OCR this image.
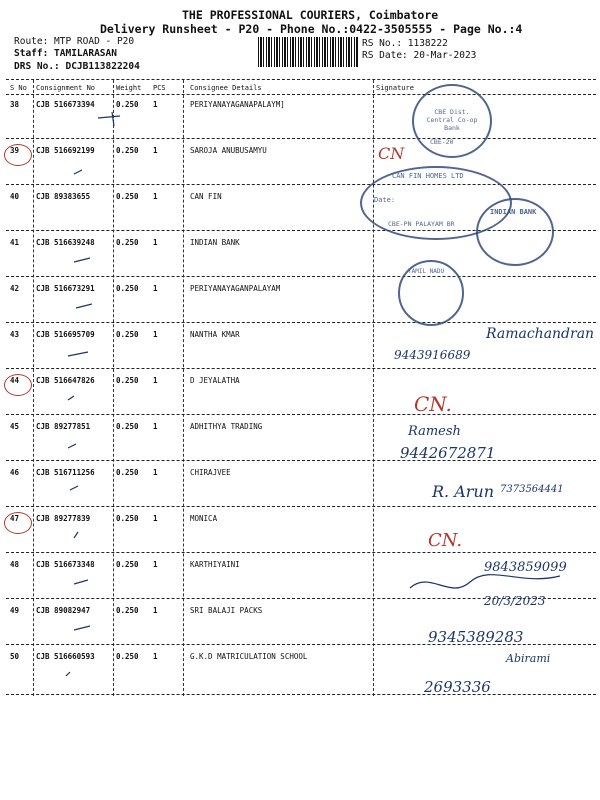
THE PROFESSIONAL COURIERS, Coimbatore
Delivery Runsheet - P20 - Phone No.:0422-3505555 - Page No.:4
Route: MTP ROAD - P20
Staff: TAMILARASAN
DRS No.: DCJB113822204
RS No.: 1138222
RS Date: 20-Mar-2023
S No Consignment No	Weight PCS	Consignee Details	Signature
38 CJB 516673394	0.250 1	PERIYANAYAGANAPALAYM]
39 CJB 516692199	0.250 1	SAROJA ANUBUSAMYU
40 CJB 89383655	0.250 1	CAN FIN
41 CJB 516639248	0.250 1	INDIAN BANK
42 CJB 516673291	0.250 1	PERIYANAYAGANPALAYAM
43 CJB 516695709	0.250 1	NANTHA KMAR
44 CJB 516647826	0.250 1	D JEYALATHA
45 CJB 89277851	0.250 1	ADHITHYA TRADING
46 CJB 516711256	0.250 1	CHIRAJVEE
47 CJB 89277839	0.250 1	MONICA
48 CJB 516673348	0.250 1	KARTHIYAINI
49 CJB 89082947	0.250 1	SRI BALAJI PACKS
50 CJB 516660593	0.250 1	G.K.D MATRICULATION SCHOOL
CBE Dist. Central Co-op Bank
CBE-20
CAN FIN HOMES LTD
Date:
CBE-PN PALAYAM BR
INDIAN BANK
TAMIL NADU
CN
Ramachandran
9443916689
CN.
Ramesh
9442672871
R. Arun 7373564441
CN.
9843859099
20/3/2023
9345389283
Abirami
2693336
